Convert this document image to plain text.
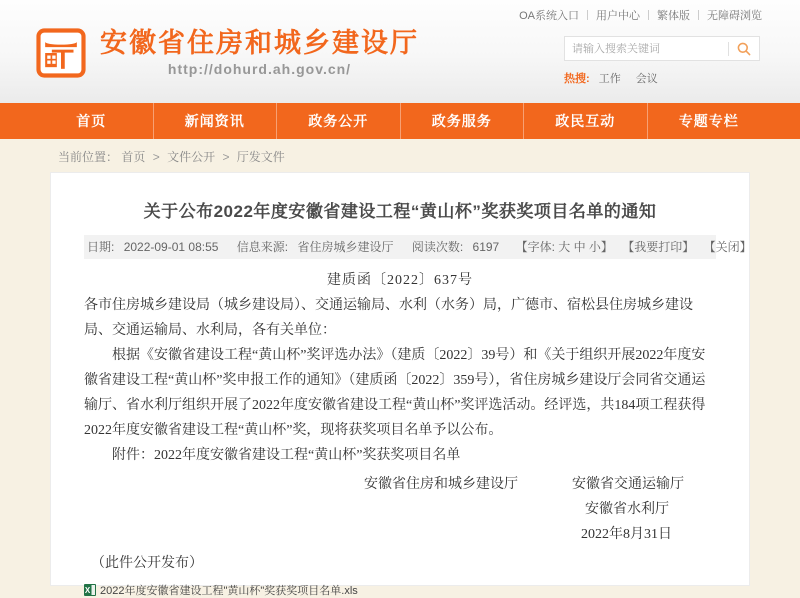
OA系统入口	用户中心	繁体版	无障碍浏览
安徽省住房和城乡建设厅
http://dohurd.ah.gov.cn/
请输入搜索关键词
热搜: 工作 会议
首页	新闻资讯	政务公开	政务服务	政民互动	专题专栏
当前位置： 首页 > 文件公开 > 厅发文件
关于公布2022年度安徽省建设工程“黄山杯”奖获奖项目名单的通知
日期: 2022-09-01 08:55 信息来源: 省住房城乡建设厅 阅读次数: 6197 【字体: 大 中 小】 【我要打印】 【关闭】
建质函〔2022〕637号
各市住房城乡建设局（城乡建设局）、交通运输局、水利（水务）局，广德市、宿松县住房城乡建设局、交通运输局、水利局，各有关单位：
根据《安徽省建设工程“黄山杯”奖评选办法》（建质〔2022〕39号）和《关于组织开展2022年度安徽省建设工程“黄山杯”奖申报工作的通知》（建质函〔2022〕359号），省住房城乡建设厅会同省交通运输厅、省水利厅组织开展了2022年度安徽省建设工程“黄山杯”奖评选活动。经评选，共184项工程获得2022年度安徽省建设工程“黄山杯”奖，现将获奖项目名单予以公布。
附件：2022年度安徽省建设工程“黄山杯”奖获奖项目名单
安徽省住房和城乡建设厅	安徽省交通运输厅
安徽省水利厅
2022年8月31日
（此件公开发布）
X 2022年度安徽省建设工程"黄山杯"奖获奖项目名单.xls
